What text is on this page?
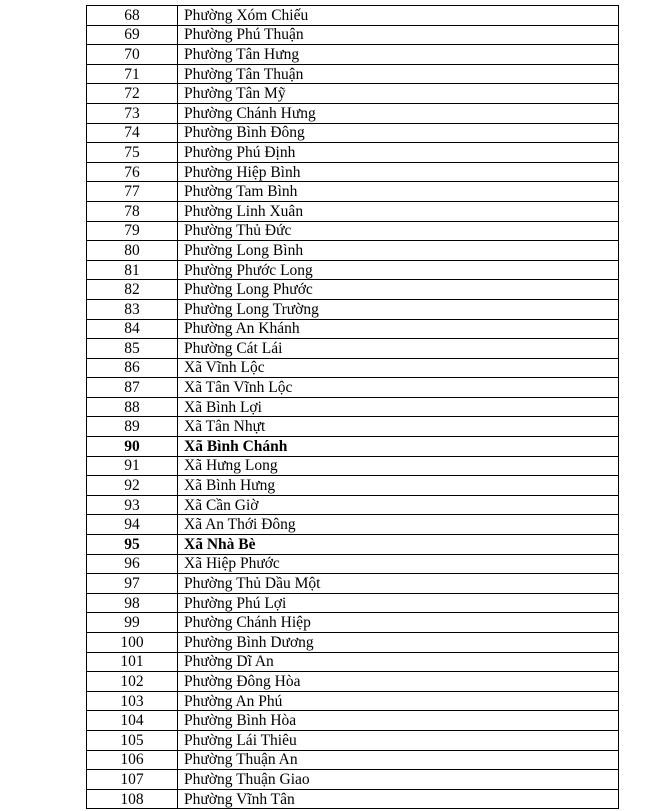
68	Phường Xóm Chiếu
69	Phường Phú Thuận
70	Phường Tân Hưng
71	Phường Tân Thuận
72	Phường Tân Mỹ
73	Phường Chánh Hưng
74	Phường Bình Đông
75	Phường Phú Định
76	Phường Hiệp Bình
77	Phường Tam Bình
78	Phường Linh Xuân
79	Phường Thủ Đức
80	Phường Long Bình
81	Phường Phước Long
82	Phường Long Phước
83	Phường Long Trường
84	Phường An Khánh
85	Phường Cát Lái
86	Xã Vĩnh Lộc
87	Xã Tân Vĩnh Lộc
88	Xã Bình Lợi
89	Xã Tân Nhựt
90	Xã Bình Chánh
91	Xã Hưng Long
92	Xã Bình Hưng
93	Xã Cần Giờ
94	Xã An Thới Đông
95	Xã Nhà Bè
96	Xã Hiệp Phước
97	Phường Thủ Dầu Một
98	Phường Phú Lợi
99	Phường Chánh Hiệp
100	Phường Bình Dương
101	Phường Dĩ An
102	Phường Đông Hòa
103	Phường An Phú
104	Phường Bình Hòa
105	Phường Lái Thiêu
106	Phường Thuận An
107	Phường Thuận Giao
108	Phường Vĩnh Tân
